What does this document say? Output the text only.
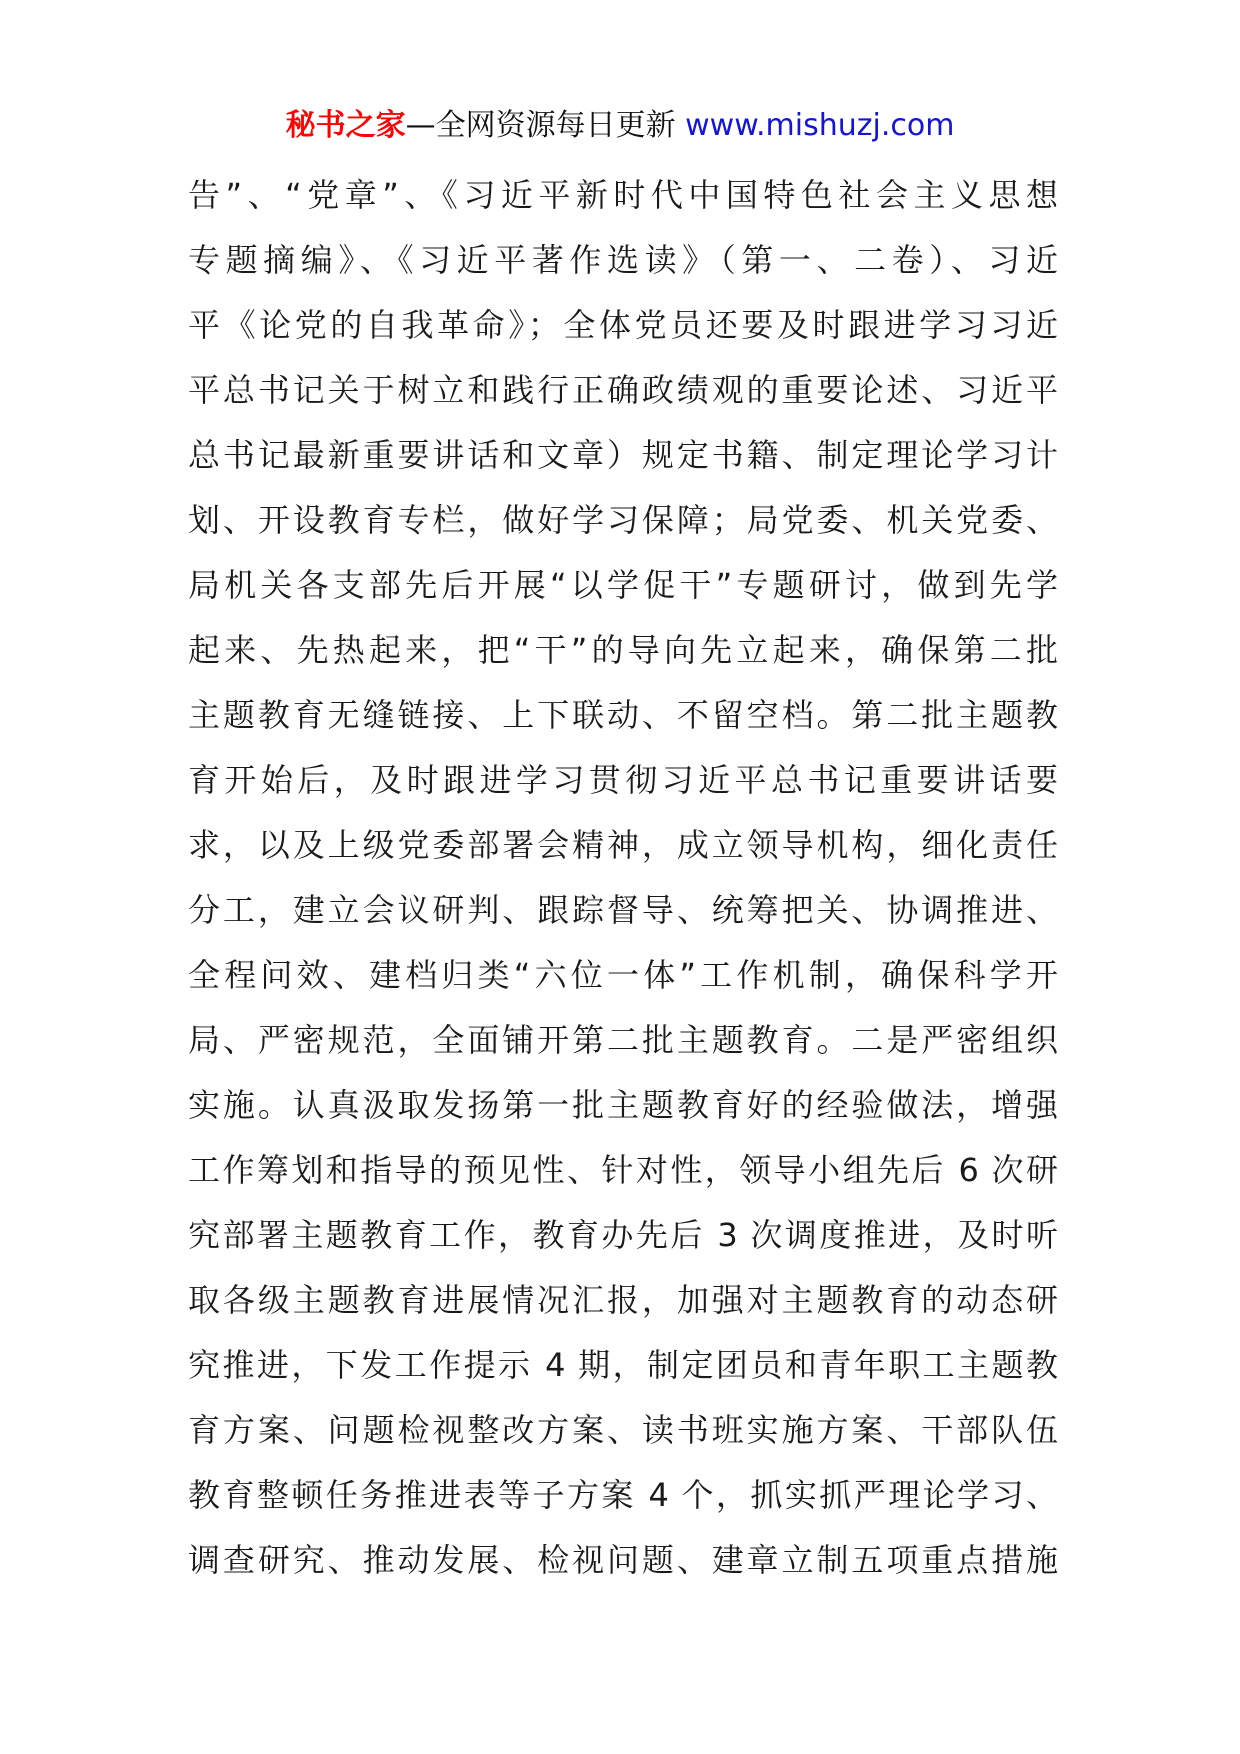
秘书之家—全网资源每日更新 www.mishuzj.com
告”、“党章”、《习近平新时代中国特色社会主义思想
专题摘编》、《习近平著作选读》（第一、二卷）、习近
平《论党的自我革命》；全体党员还要及时跟进学习习近
平总书记关于树立和践行正确政绩观的重要论述、习近平
总书记最新重要讲话和文章）规定书籍、制定理论学习计
划、开设教育专栏，做好学习保障；局党委、机关党委、
局机关各支部先后开展“以学促干”专题研讨，做到先学
起来、先热起来，把“干”的导向先立起来，确保第二批
主题教育无缝链接、上下联动、不留空档。第二批主题教
育开始后，及时跟进学习贯彻习近平总书记重要讲话要
求，以及上级党委部署会精神，成立领导机构，细化责任
分工，建立会议研判、跟踪督导、统筹把关、协调推进、
全程问效、建档归类“六位一体”工作机制，确保科学开
局、严密规范，全面铺开第二批主题教育。二是严密组织
实施。认真汲取发扬第一批主题教育好的经验做法，增强
工作筹划和指导的预见性、针对性，领导小组先后 6 次研
究部署主题教育工作，教育办先后 3 次调度推进，及时听
取各级主题教育进展情况汇报，加强对主题教育的动态研
究推进，下发工作提示 4 期，制定团员和青年职工主题教
育方案、问题检视整改方案、读书班实施方案、干部队伍
教育整顿任务推进表等子方案 4 个，抓实抓严理论学习、
调查研究、推动发展、检视问题、建章立制五项重点措施
